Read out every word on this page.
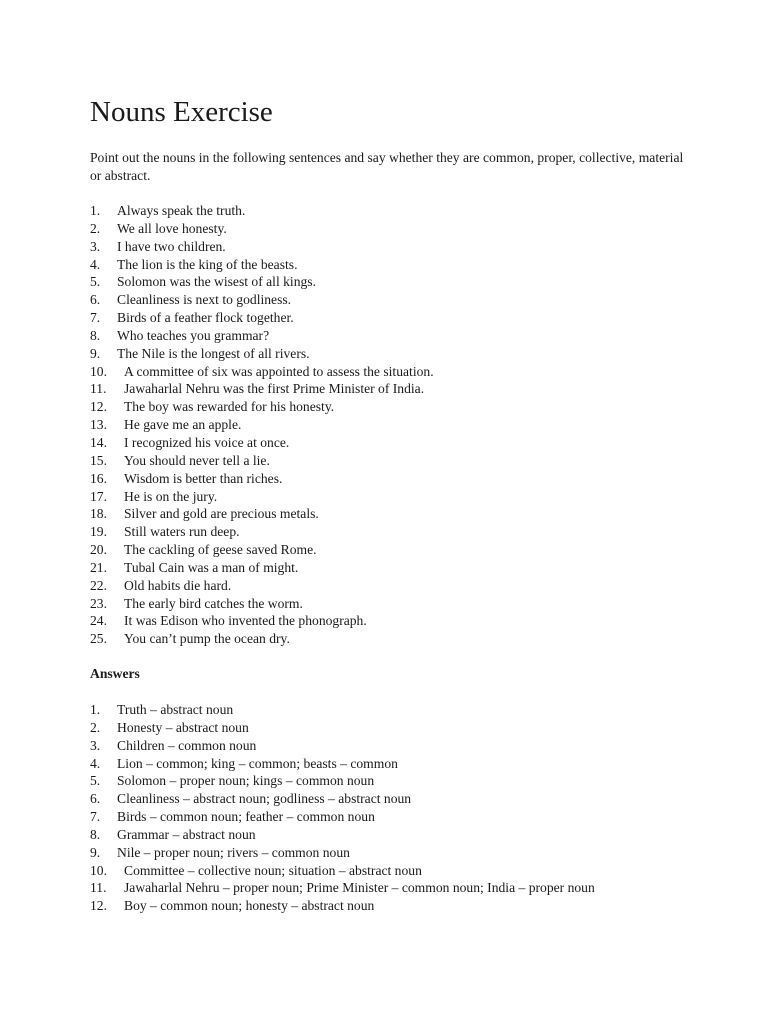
Nouns Exercise

Point out the nouns in the following sentences and say whether they are common, proper, collective, material or abstract.

1. Always speak the truth.
2. We all love honesty.
3. I have two children.
4. The lion is the king of the beasts.
5. Solomon was the wisest of all kings.
6. Cleanliness is next to godliness.
7. Birds of a feather flock together.
8. Who teaches you grammar?
9. The Nile is the longest of all rivers.
10. A committee of six was appointed to assess the situation.
11. Jawaharlal Nehru was the first Prime Minister of India.
12. The boy was rewarded for his honesty.
13. He gave me an apple.
14. I recognized his voice at once.
15. You should never tell a lie.
16. Wisdom is better than riches.
17. He is on the jury.
18. Silver and gold are precious metals.
19. Still waters run deep.
20. The cackling of geese saved Rome.
21. Tubal Cain was a man of might.
22. Old habits die hard.
23. The early bird catches the worm.
24. It was Edison who invented the phonograph.
25. You can’t pump the ocean dry.
Answers
1. Truth – abstract noun
2. Honesty – abstract noun
3. Children – common noun
4. Lion – common; king – common; beasts – common
5. Solomon – proper noun; kings – common noun
6. Cleanliness – abstract noun; godliness – abstract noun
7. Birds – common noun; feather – common noun
8. Grammar – abstract noun
9. Nile – proper noun; rivers – common noun
10. Committee – collective noun; situation – abstract noun
11. Jawaharlal Nehru – proper noun; Prime Minister – common noun; India – proper noun
12. Boy – common noun; honesty – abstract noun
